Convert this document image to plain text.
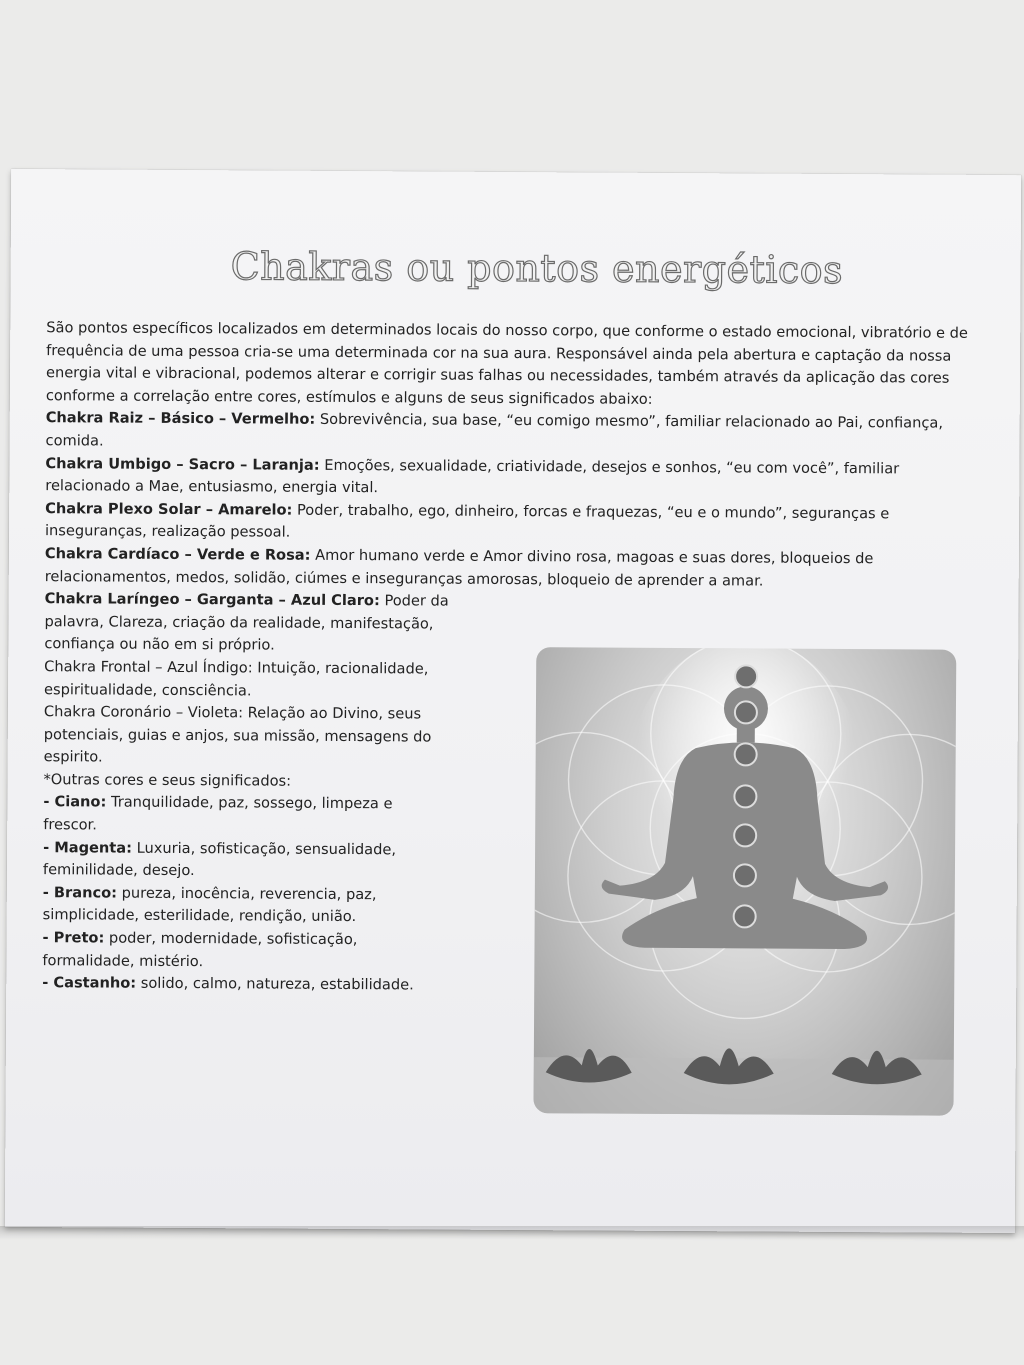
Chakras ou pontos energéticos

São pontos específicos localizados em determinados locais do nosso corpo, que conforme o estado emocional, vibratório e de frequência de uma pessoa cria-se uma determinada cor na sua aura. Responsável ainda pela abertura e captação da nossa energia vital e vibracional, podemos alterar e corrigir suas falhas ou necessidades, também através da aplicação das cores conforme a correlação entre cores, estímulos e alguns de seus significados abaixo:

Chakra Raiz – Básico – Vermelho: Sobrevivência, sua base, “eu comigo mesmo”, familiar relacionado ao Pai, confiança, comida.

Chakra Umbigo – Sacro – Laranja: Emoções, sexualidade, criatividade, desejos e sonhos, “eu com você”, familiar relacionado a Mae, entusiasmo, energia vital.

Chakra Plexo Solar – Amarelo: Poder, trabalho, ego, dinheiro, forcas e fraquezas, “eu e o mundo”, seguranças e inseguranças, realização pessoal.

Chakra Cardíaco – Verde e Rosa: Amor humano verde e Amor divino rosa, magoas e suas dores, bloqueios de relacionamentos, medos, solidão, ciúmes e inseguranças amorosas, bloqueio de aprender a amar.

Chakra Laríngeo – Garganta – Azul Claro: Poder da palavra, Clareza, criação da realidade, manifestação, confiança ou não em si próprio.

Chakra Frontal – Azul Índigo: Intuição, racionalidade, espiritualidade, consciência.

Chakra Coronário – Violeta: Relação ao Divino, seus potenciais, guias e anjos, sua missão, mensagens do espirito.

*Outras cores e seus significados:

- Ciano: Tranquilidade, paz, sossego, limpeza e frescor.

- Magenta: Luxuria, sofisticação, sensualidade, feminilidade, desejo.

- Branco: pureza, inocência, reverencia, paz, simplicidade, esterilidade, rendição, união.

- Preto: poder, modernidade, sofisticação, formalidade, mistério.

- Castanho: solido, calmo, natureza, estabilidade.
